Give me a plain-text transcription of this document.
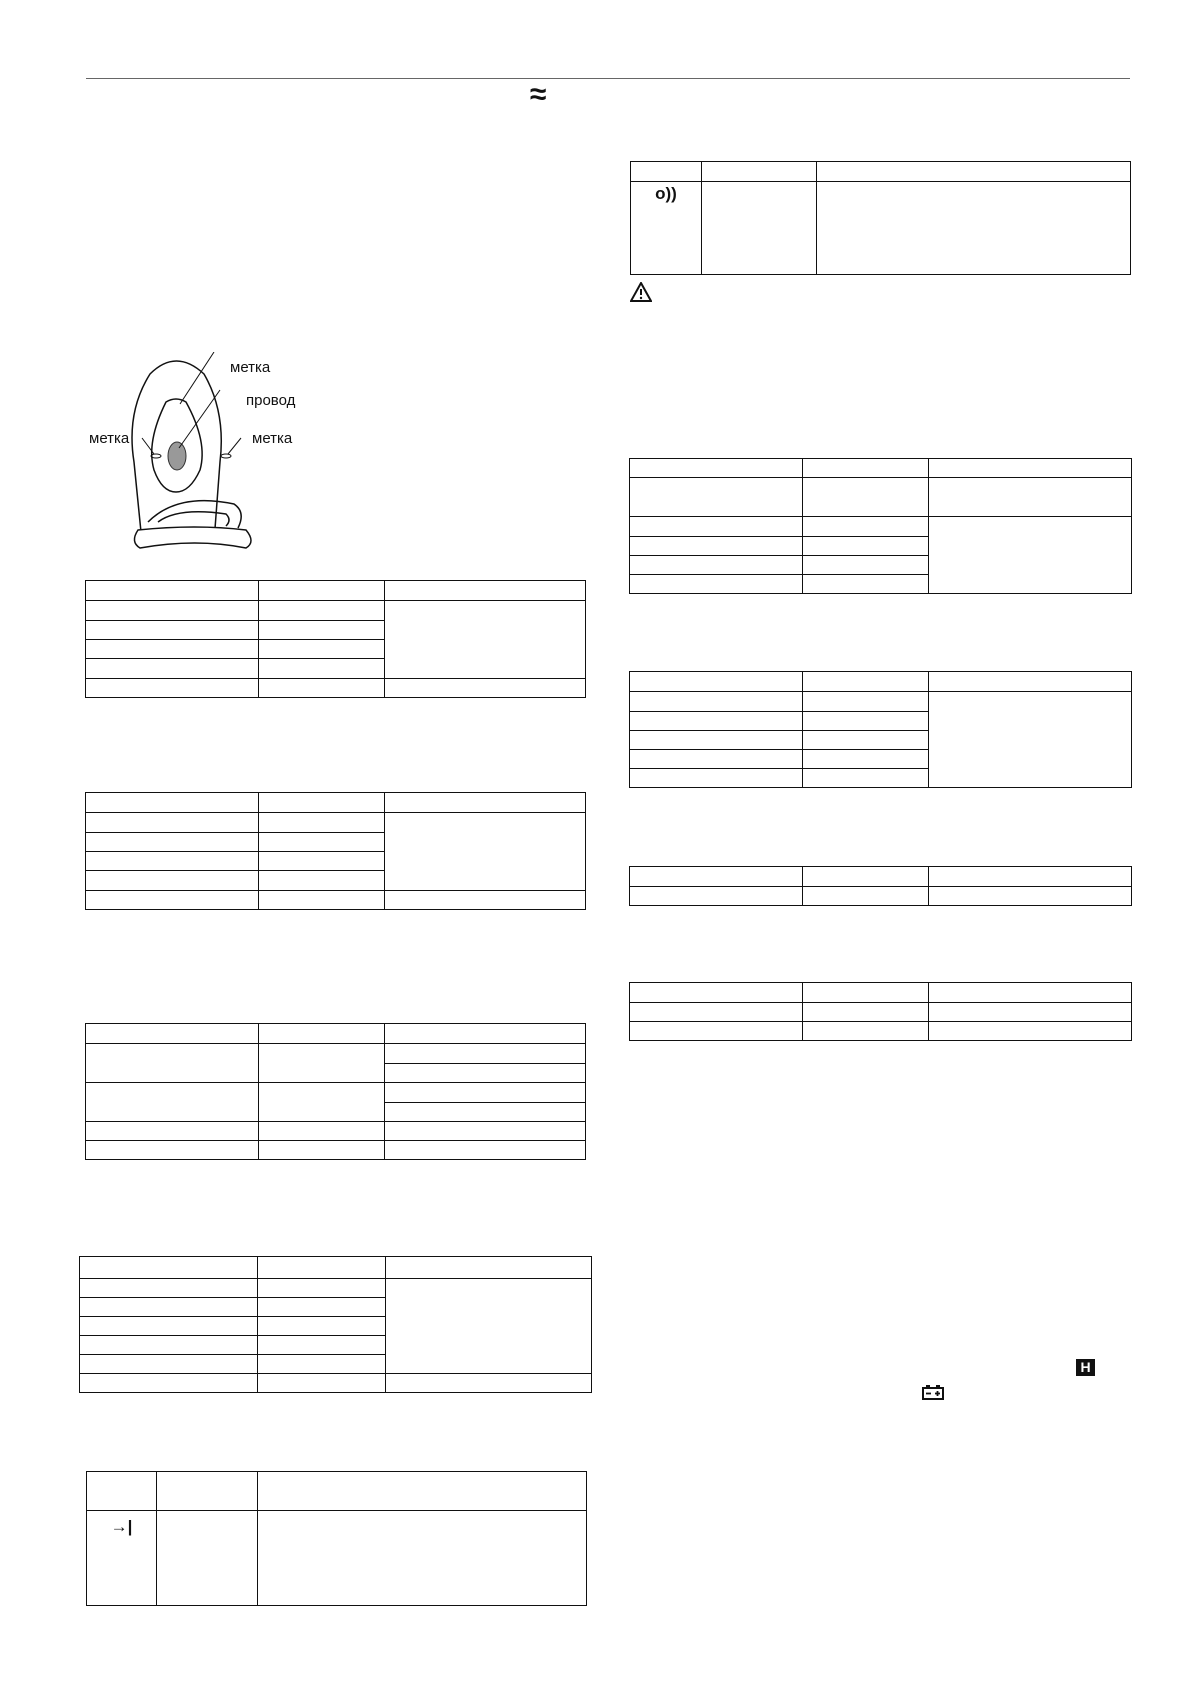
≈
метка
провод
метка	метка

→|		

o))		

H
